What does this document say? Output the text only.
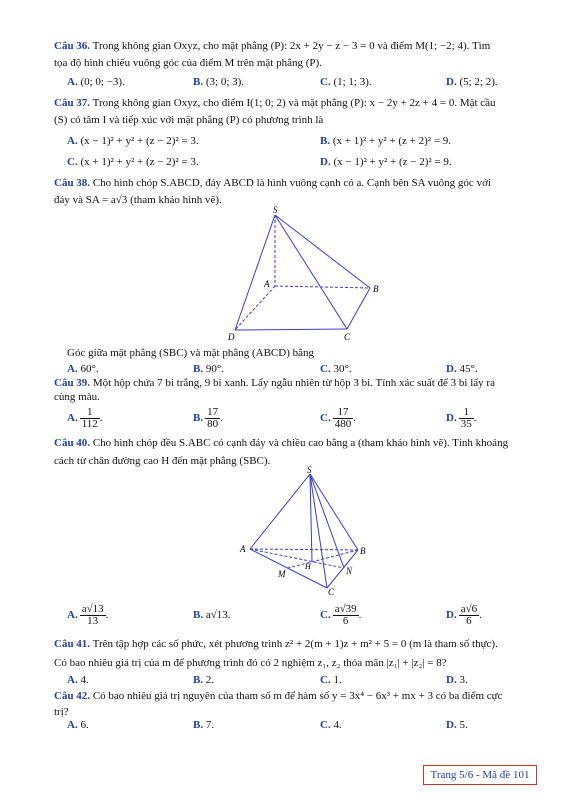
Câu 36. Trong không gian Oxyz, cho mặt phẳng (P): 2x + 2y − z − 3 = 0 và điểm M(1; −2; 4). Tìm
tọa độ hình chiếu vuông góc của điểm M trên mặt phẳng (P).
A. (0; 0; −3).	B. (3; 0; 3).	C. (1; 1; 3).	D. (5; 2; 2).
Câu 37. Trong không gian Oxyz, cho điểm I(1; 0; 2) và mặt phẳng (P): x − 2y + 2z + 4 = 0. Mặt cầu
(S) có tâm I và tiếp xúc với mặt phẳng (P) có phương trình là
A. (x − 1)² + y² + (z − 2)² = 3.	B. (x + 1)² + y² + (z + 2)² = 9.
C. (x + 1)² + y² + (z − 2)² = 3.	D. (x − 1)² + y² + (z − 2)² = 9.
Câu 38. Cho hình chóp S.ABCD, đáy ABCD là hình vuông cạnh có a. Cạnh bên SA vuông góc với
đáy và SA = a√3 (tham khảo hình vẽ).
S
A	B
C
D
Góc giữa mặt phẳng (SBC) và mặt phẳng (ABCD) bằng
A. 60°.	B. 90°.	C. 30°.	D. 45°.
Câu 39. Một hộp chứa 7 bi trắng, 9 bi xanh. Lấy ngẫu nhiên từ hộp 3 bi. Tính xác suất để 3 bi lấy ra
cùng màu.
A. $\frac{1}{112}$ .	B. $\frac{17}{80}$ .	C. $\frac{17}{480}$ .	D. $\frac{1}{35}$ .
Câu 40. Cho hình chóp đều S.ABC có cạnh đáy và chiều cao bằng a (tham khảo hình vẽ). Tính khoảng
cách từ chân đường cao H đến mặt phẳng (SBC).
S
A	B
C
H
M	N
A. $\frac{a√13}{13}$ .	B. a√13.	C. $\frac{a√39}{6}$ .	D. $\frac{a√6}{6}$ .
Câu 41. Trên tập hợp các số phức, xét phương trình z² + 2(m + 1)z + m² + 5 = 0 (m là tham số thực).
Có bao nhiêu giá trị của m để phương trình đó có 2 nghiệm z₁, z₂ thỏa mãn |z₁| + |z₂| = 8?
A. 4.	B. 2.	C. 1.	D. 3.
Câu 42. Có bao nhiêu giá trị nguyên của tham số m để hàm số y = 3x⁴ − 6x³ + mx + 3 có ba điểm cực
trị?
A. 6.	B. 7.	C. 4.	D. 5.
Trang 5/6 - Mã đề 101
